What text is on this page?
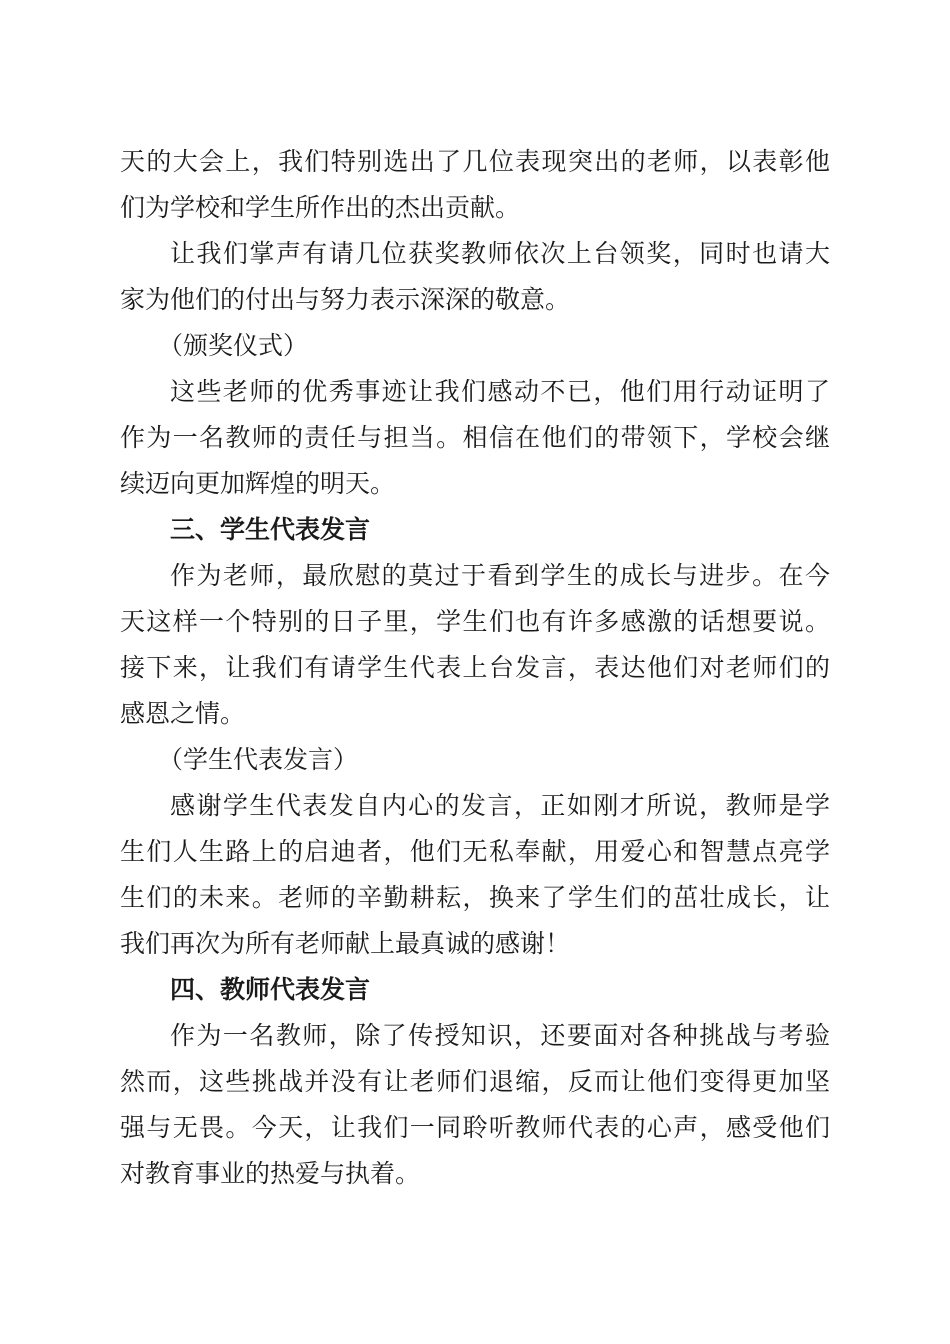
天的大会上，我们特别选出了几位表现突出的老师，以表彰他
们为学校和学生所作出的杰出贡献。
让我们掌声有请几位获奖教师依次上台领奖，同时也请大
家为他们的付出与努力表示深深的敬意。
（颁奖仪式）
这些老师的优秀事迹让我们感动不已，他们用行动证明了
作为一名教师的责任与担当。相信在他们的带领下，学校会继
续迈向更加辉煌的明天。
三、学生代表发言
作为老师，最欣慰的莫过于看到学生的成长与进步。在今
天这样一个特别的日子里，学生们也有许多感激的话想要说。
接下来，让我们有请学生代表上台发言，表达他们对老师们的
感恩之情。
（学生代表发言）
感谢学生代表发自内心的发言，正如刚才所说，教师是学
生们人生路上的启迪者，他们无私奉献，用爱心和智慧点亮学
生们的未来。老师的辛勤耕耘，换来了学生们的茁壮成长，让
我们再次为所有老师献上最真诚的感谢！
四、教师代表发言
作为一名教师，除了传授知识，还要面对各种挑战与考验
然而，这些挑战并没有让老师们退缩，反而让他们变得更加坚
强与无畏。今天，让我们一同聆听教师代表的心声，感受他们
对教育事业的热爱与执着。
